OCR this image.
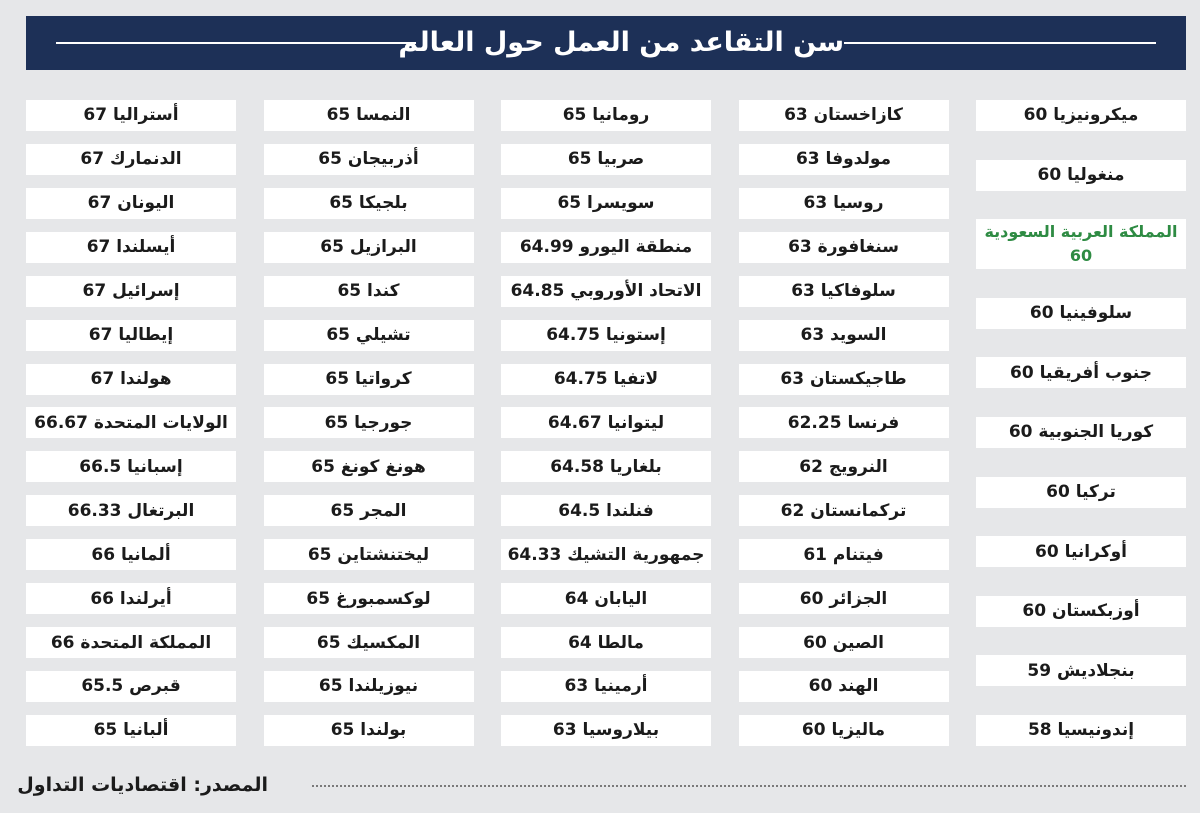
سن التقاعد من العمل حول العالم
ميكرونيزيا 60
منغوليا 60
المملكة العربية السعودية 60
سلوفينيا 60
جنوب أفريقيا 60
كوريا الجنوبية 60
تركيا 60
أوكرانيا 60
أوزبكستان 60
بنجلاديش 59
إندونيسيا 58
كازاخستان 63
مولدوفا 63
روسيا 63
سنغافورة 63
سلوفاكيا 63
السويد 63
طاجيكستان 63
فرنسا 62.25
النرويج 62
تركمانستان 62
فيتنام 61
الجزائر 60
الصين 60
الهند 60
ماليزيا 60
رومانيا 65
صربيا 65
سويسرا 65
منطقة اليورو 64.99
الاتحاد الأوروبي 64.85
إستونيا 64.75
لاتفيا 64.75
ليتوانيا 64.67
بلغاريا 64.58
فنلندا 64.5
جمهورية التشيك 64.33
اليابان 64
مالطا 64
أرمينيا 63
بيلاروسيا 63
النمسا 65
أذربيجان 65
بلجيكا 65
البرازيل 65
كندا 65
تشيلي 65
كرواتيا 65
جورجيا 65
هونغ كونغ 65
المجر 65
ليختنشتاين 65
لوكسمبورغ 65
المكسيك 65
نيوزيلندا 65
بولندا 65
أستراليا 67
الدنمارك 67
اليونان 67
أيسلندا 67
إسرائيل 67
إيطاليا 67
هولندا 67
الولايات المتحدة 66.67
إسبانيا 66.5
البرتغال 66.33
ألمانيا 66
أيرلندا 66
المملكة المتحدة 66
قبرص 65.5
ألبانيا 65
المصدر: اقتصاديات التداول
